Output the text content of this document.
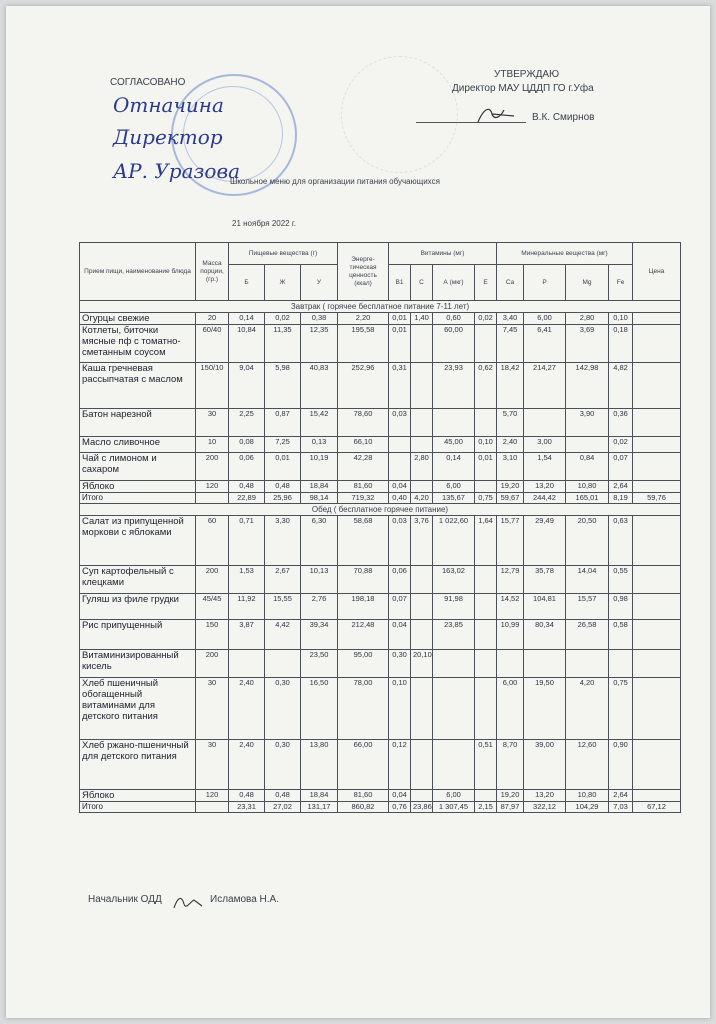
СОГЛАСОВАНО
Отначина
Директор
АР. Уразова
УТВЕРЖДАЮ
Директор МАУ ЦДДП ГО г.Уфа
В.К. Смирнов
Школьное меню для организации питания обучающихся
21 ноября 2022 г.
Прием пищи, наименование блюда	Масса порции, (гр.)	Пищевые вещества (г)			Энерге-тическая ценность (ккал)	Витамины (мг)				Минеральные вещества (мг)				Цена
		Б	Ж	У		В1	С	А (мкг)	Е	Са	Р	Mg	Fe	
Завтрак ( горячее бесплатное питание 7-11 лет)														
Огурцы свежие	20	0,14	0,02	0,38	2,20	0,01	1,40	0,60	0,02	3,40	6,00	2,80	0,10	
Котлеты, биточки мясные пф с томатно-сметанным соусом	60/40	10,84	11,35	12,35	195,58	0,01		60,00		7,45	6,41	3,69	0,18	
Каша гречневая рассыпчатая с маслом	150/10	9,04	5,98	40,83	252,96	0,31		23,93	0,62	18,42	214,27	142,98	4,82	
Батон нарезной	30	2,25	0,87	15,42	78,60	0,03				5,70		3,90	0,36	
Масло сливочное	10	0,08	7,25	0,13	66,10			45,00	0,10	2,40	3,00		0,02	
Чай с лимоном и сахаром	200	0,06	0,01	10,19	42,28		2,80	0,14	0,01	3,10	1,54	0,84	0,07	
Яблоко	120	0,48	0,48	18,84	81,60	0,04		6,00		19,20	13,20	10,80	2,64	
Итого		22,89	25,96	98,14	719,32	0,40	4,20	135,67	0,75	59,67	244,42	165,01	8,19	59,76
Обед ( бесплатное горячее питание)														
Салат из припущенной моркови с яблоками	60	0,71	3,30	6,30	58,68	0,03	3,76	1 022,60	1,64	15,77	29,49	20,50	0,63	
Суп картофельный с клецками	200	1,53	2,67	10,13	70,88	0,06		163,02		12,79	35,78	14,04	0,55	
Гуляш из филе грудки	45/45	11,92	15,55	2,76	198,18	0,07		91,98		14,52	104,81	15,57	0,98	
Рис припущенный	150	3,87	4,42	39,34	212,48	0,04		23,85		10,99	80,34	26,58	0,58	
Витаминизированный кисель	200			23,50	95,00	0,30	20,10							
Хлеб пшеничный обогащенный витаминами для детского питания	30	2,40	0,30	16,50	78,00	0,10				6,00	19,50	4,20	0,75	
Хлеб ржано-пшеничный для детского питания	30	2,40	0,30	13,80	66,00	0,12			0,51	8,70	39,00	12,60	0,90	
Яблоко	120	0,48	0,48	18,84	81,60	0,04		6,00		19,20	13,20	10,80	2,64	
Итого		23,31	27,02	131,17	860,82	0,76	23,86	1 307,45	2,15	87,97	322,12	104,29	7,03	67,12
Начальник ОДД	Исламова Н.А.
